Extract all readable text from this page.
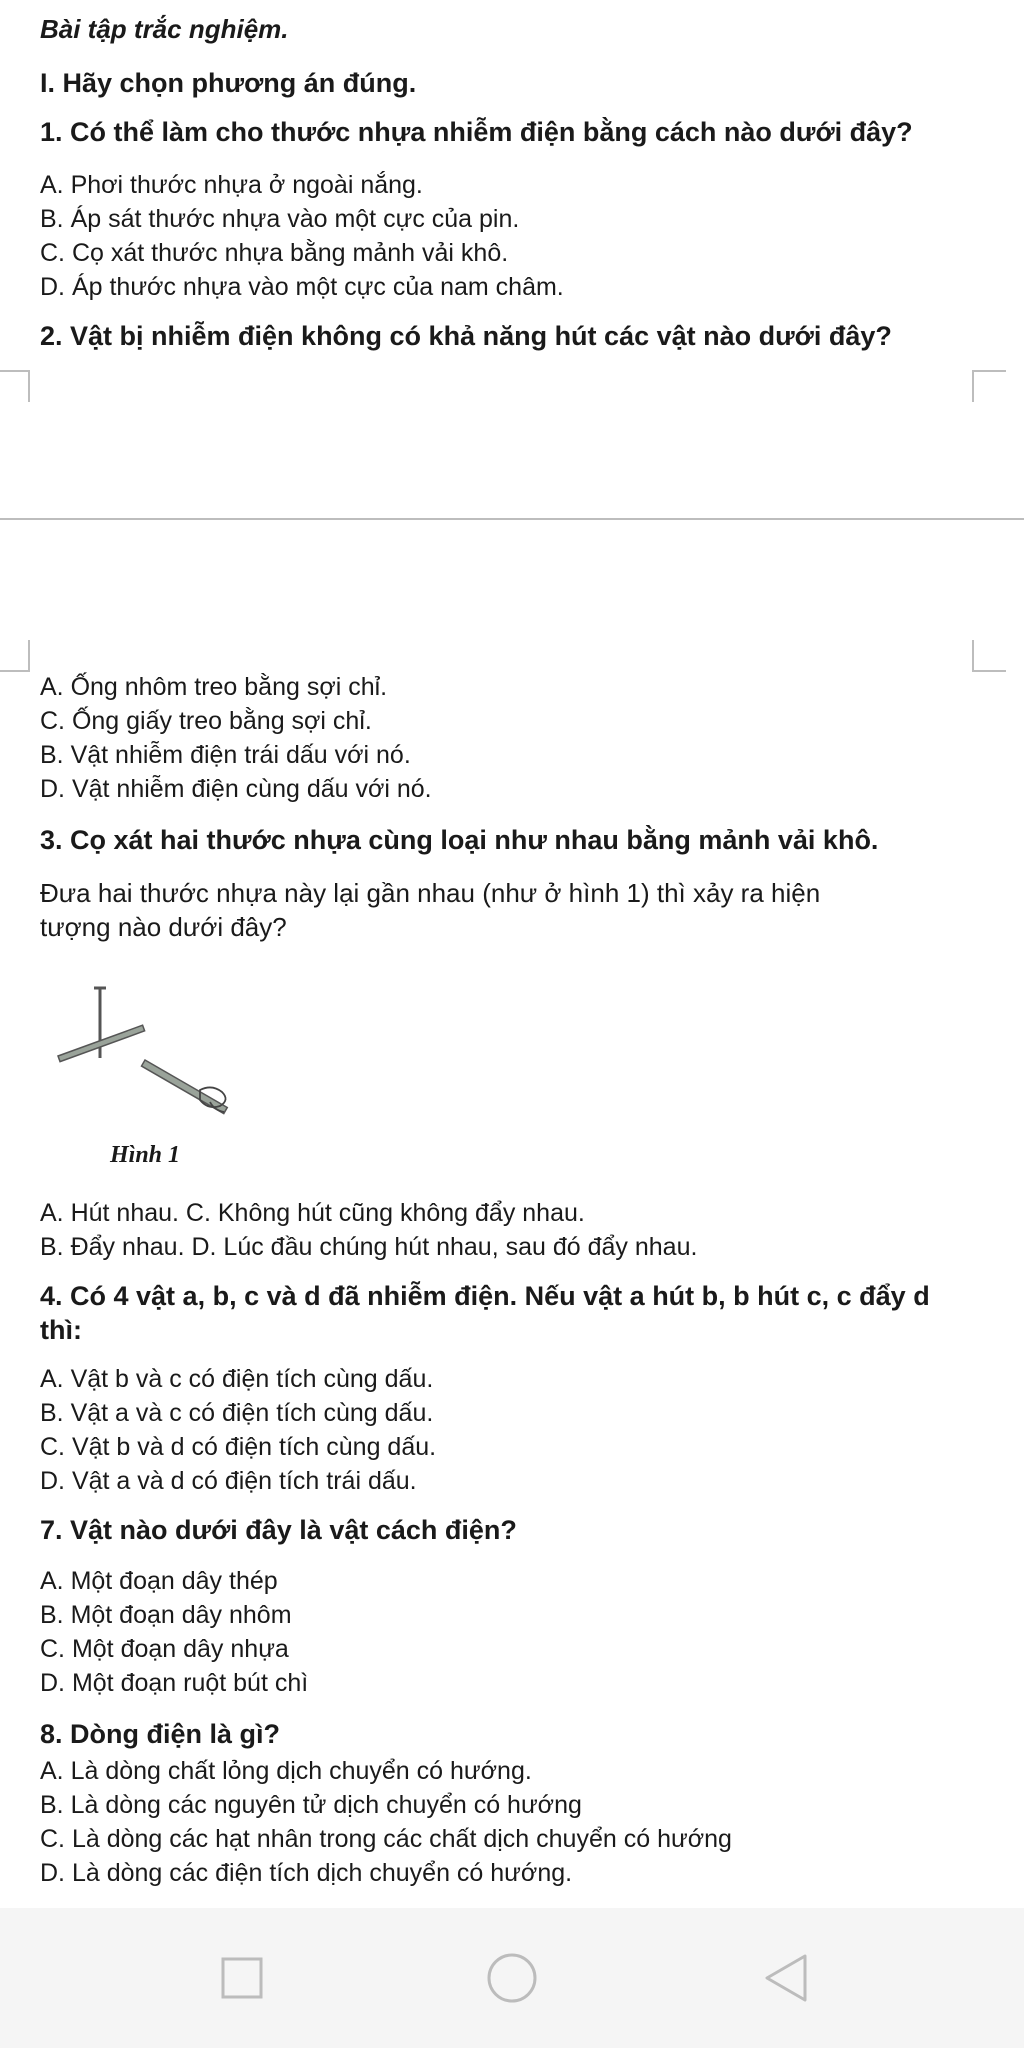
Bài tập trắc nghiệm.
I. Hãy chọn phương án đúng.
1. Có thể làm cho thước nhựa nhiễm điện bằng cách nào dưới đây?
A. Phơi thước nhựa ở ngoài nắng.
B. Áp sát thước nhựa vào một cực của pin.
C. Cọ xát thước nhựa bằng mảnh vải khô.
D. Áp thước nhựa vào một cực của nam châm.
2. Vật bị nhiễm điện không có khả năng hút các vật nào dưới đây?
A. Ống nhôm treo bằng sợi chỉ.
C. Ống giấy treo bằng sợi chỉ.
B. Vật nhiễm điện trái dấu với nó.
D. Vật nhiễm điện cùng dấu với nó.
3. Cọ xát hai thước nhựa cùng loại như nhau bằng mảnh vải khô.
Đưa hai thước nhựa này lại gần nhau (như ở hình 1) thì xảy ra hiện
tượng nào dưới đây?
Hình 1
A. Hút nhau. C. Không hút cũng không đẩy nhau.
B. Đẩy nhau. D. Lúc đầu chúng hút nhau, sau đó đẩy nhau.
4. Có 4 vật a, b, c và d đã nhiễm điện. Nếu vật a hút b, b hút c, c đẩy d
thì:
A. Vật b và c có điện tích cùng dấu.
B. Vật a và c có điện tích cùng dấu.
C. Vật b và d có điện tích cùng dấu.
D. Vật a và d có điện tích trái dấu.
7. Vật nào dưới đây là vật cách điện?
A. Một đoạn dây thép
B. Một đoạn dây nhôm
C. Một đoạn dây nhựa
D. Một đoạn ruột bút chì
8. Dòng điện là gì?
A. Là dòng chất lỏng dịch chuyển có hướng.
B. Là dòng các nguyên tử dịch chuyển có hướng
C. Là dòng các hạt nhân trong các chất dịch chuyển có hướng
D. Là dòng các điện tích dịch chuyển có hướng.
